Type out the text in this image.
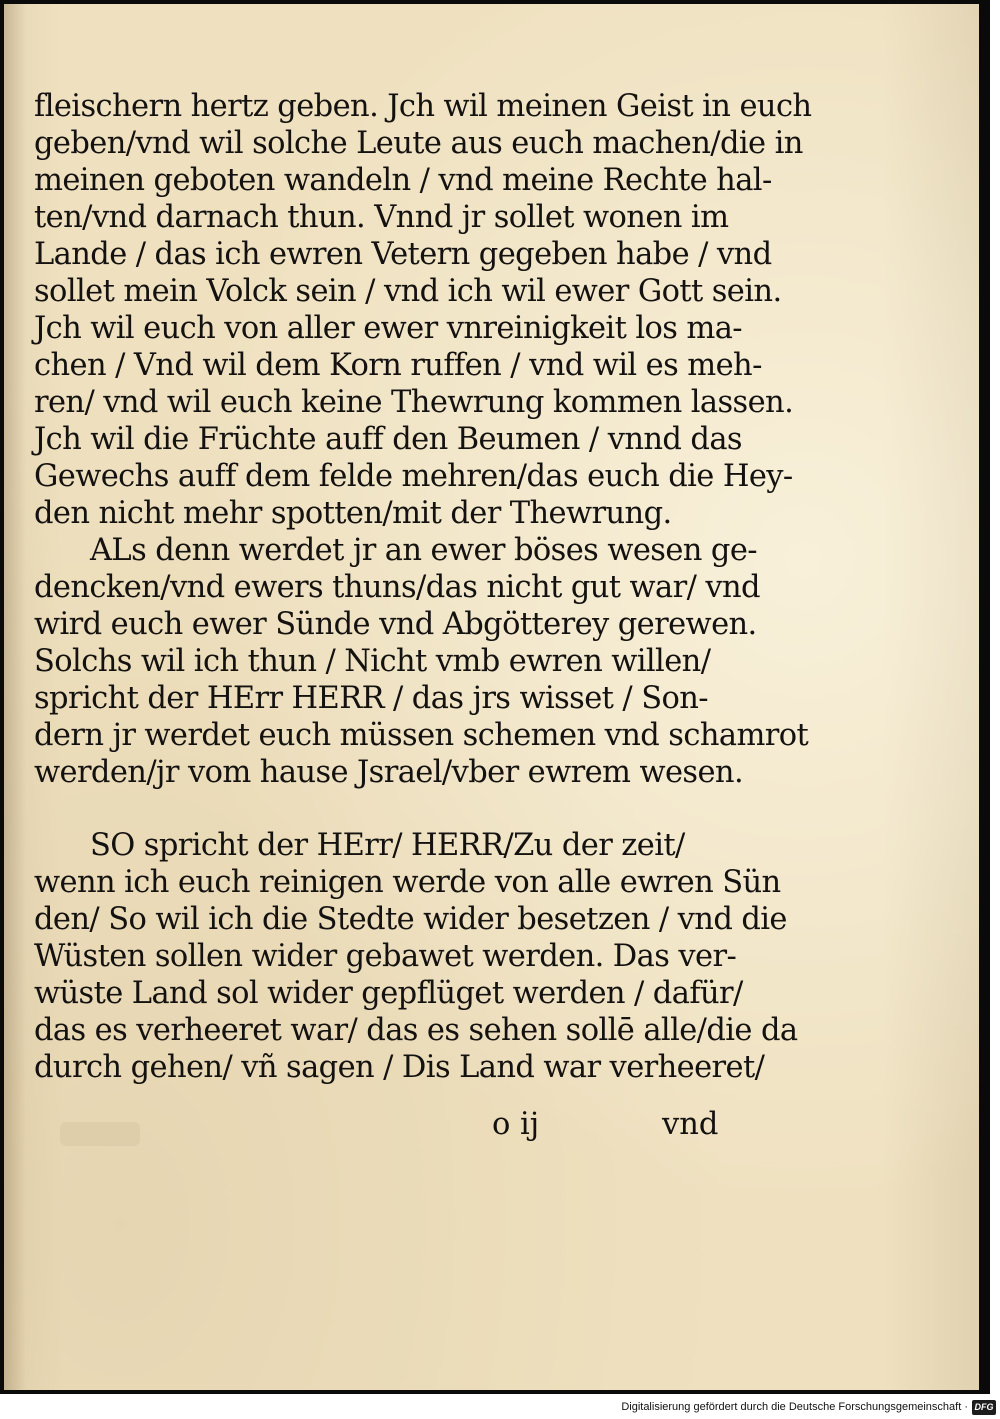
fleischern hertz geben. Jch wil meinen Geist in euch
geben/vnd wil solche Leute aus euch machen/die in
meinen geboten wandeln / vnd meine Rechte hal-
ten/vnd darnach thun. Vnnd jr sollet wonen im
Lande / das ich ewren Vetern gegeben habe / vnd
sollet mein Volck sein / vnd ich wil ewer Gott sein.
Jch wil euch von aller ewer vnreinigkeit los ma-
chen / Vnd wil dem Korn ruffen / vnd wil es meh-
ren/ vnd wil euch keine Thewrung kommen lassen.
Jch wil die Früchte auff den Beumen / vnnd das
Gewechs auff dem felde mehren/das euch die Hey-
den nicht mehr spotten/mit der Thewrung.
ALs denn werdet jr an ewer böses wesen ge-
dencken/vnd ewers thuns/das nicht gut war/ vnd
wird euch ewer Sünde vnd Abgötterey gerewen.
Solchs wil ich thun / Nicht vmb ewren willen/
spricht der HErr HERR / das jrs wisset / Son-
dern jr werdet euch müssen schemen vnd schamrot
werden/jr vom hause Jsrael/vber ewrem wesen.
SO spricht der HErr/ HERR/Zu der zeit/
wenn ich euch reinigen werde von alle ewren Sün
den/ So wil ich die Stedte wider besetzen / vnd die
Wüsten sollen wider gebawet werden. Das ver-
wüste Land sol wider gepflüget werden / dafür/
das es verheeret war/ das es sehen sollē alle/die da
durch gehen/ vñ sagen / Dis Land war verheeret/
o ij	vnd
Digitalisierung gefördert durch die Deutsche Forschungsgemeinschaft · DFG
